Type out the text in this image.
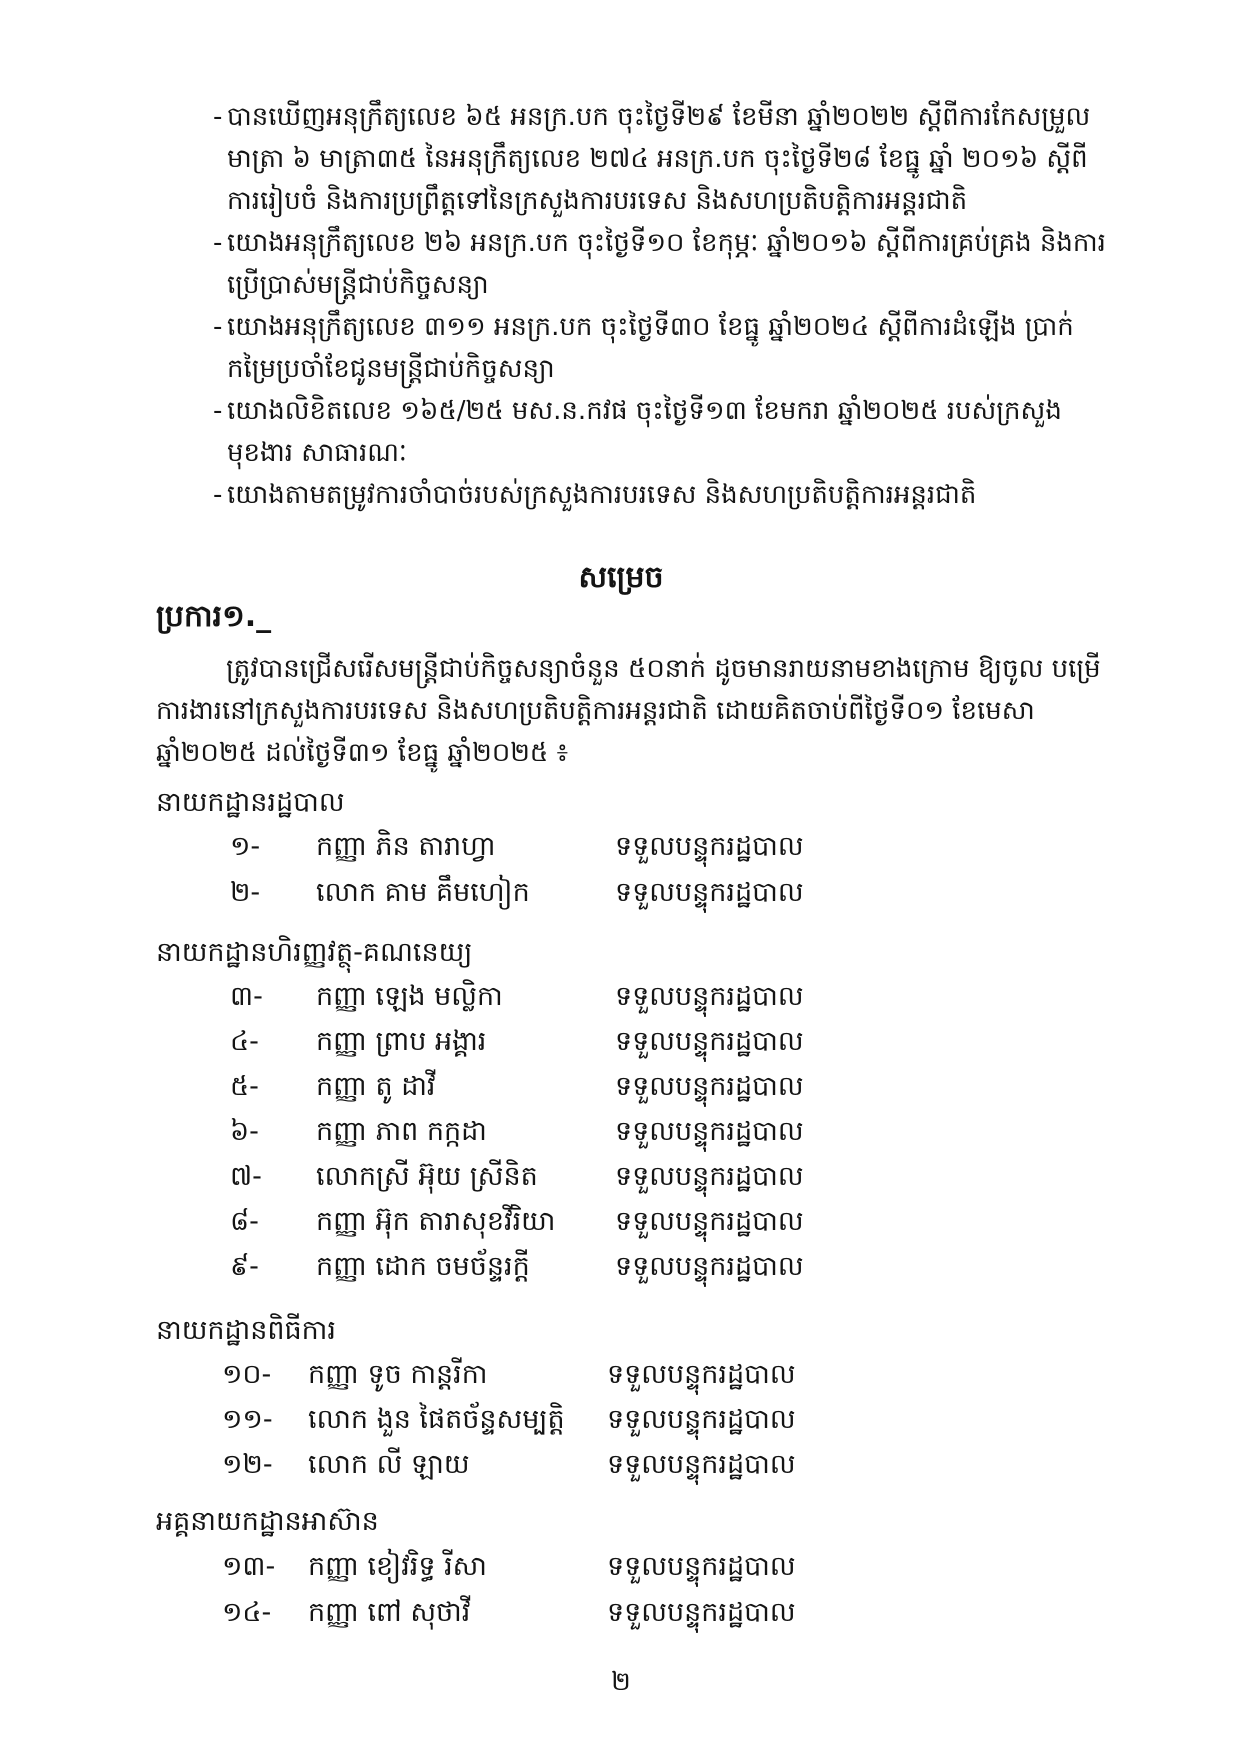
- បានឃើញអនុក្រឹត្យលេខ ៦៥ អនក្រ.បក ចុះថ្ងៃទី២៩ ខែមីនា ឆ្នាំ២០២២ ស្តីពីការកែសម្រួល មាត្រា ៦ មាត្រា៣៥ នៃអនុក្រឹត្យលេខ ២៧៤ អនក្រ.បក ចុះថ្ងៃទី២៨ ខែធ្នូ ឆ្នាំ ២០១៦ ស្តីពី ការរៀបចំ និងការប្រព្រឹត្តទៅនៃក្រសួងការបរទេស និងសហប្រតិបត្តិការអន្តរជាតិ
- យោងអនុក្រឹត្យលេខ ២៦ អនក្រ.បក ចុះថ្ងៃទី១០ ខែកុម្ភៈ ឆ្នាំ២០១៦ ស្តីពីការគ្រប់គ្រង និងការប្រើប្រាស់មន្ត្រីជាប់កិច្ចសន្យា
- យោងអនុក្រឹត្យលេខ ៣១១ អនក្រ.បក ចុះថ្ងៃទី៣០ ខែធ្នូ ឆ្នាំ២០២៤ ស្តីពីការដំឡើង ប្រាក់កម្រៃប្រចាំខែជូនមន្ត្រីជាប់កិច្ចសន្យា
- យោងលិខិតលេខ ១៦៥/២៥ មស.ន.កវផ ចុះថ្ងៃទី១៣ ខែមករា ឆ្នាំ២០២៥ របស់ក្រសួងមុខងារ សាធារណៈ
- យោងតាមតម្រូវការចាំបាច់របស់ក្រសួងការបរទេស និងសហប្រតិបត្តិការអន្តរជាតិ
សម្រេច
ប្រការ១._
ត្រូវបានជ្រើសរើសមន្ត្រីជាប់កិច្ចសន្យាចំនួន ៥០នាក់ ដូចមានរាយនាមខាងក្រោម ឱ្យចូល បម្រើការងារនៅក្រសួងការបរទេស និងសហប្រតិបត្តិការអន្តរជាតិ ដោយគិតចាប់ពីថ្ងៃទី០១ ខែមេសា ឆ្នាំ២០២៥ ដល់ថ្ងៃទី៣១ ខែធ្នូ ឆ្នាំ២០២៥ ៖
នាយកដ្ឋានរដ្ឋបាល
១-	កញ្ញា ភិន តារាហ្វា	ទទួលបន្ទុករដ្ឋបាល
២-	លោក គាម គឹមហៀក	ទទួលបន្ទុករដ្ឋបាល
នាយកដ្ឋានហិរញ្ញវត្ថុ-គណនេយ្យ
៣-	កញ្ញា ឡេង មល្លិកា	ទទួលបន្ទុករដ្ឋបាល
៤-	កញ្ញា ព្រាប អង្គារ	ទទួលបន្ទុករដ្ឋបាល
៥-	កញ្ញា តូ ដាវី	ទទួលបន្ទុករដ្ឋបាល
៦-	កញ្ញា ភាព កក្កដា	ទទួលបន្ទុករដ្ឋបាល
៧-	លោកស្រី អ៊ុយ ស្រីនិត	ទទួលបន្ទុករដ្ឋបាល
៨-	កញ្ញា អ៊ុក តារាសុខវីរិយា	ទទួលបន្ទុករដ្ឋបាល
៩-	កញ្ញា ដោក ចមច័ន្ទរក្តី	ទទួលបន្ទុករដ្ឋបាល
នាយកដ្ឋានពិធីការ
១០-	កញ្ញា ទូច កាន្តរីកា	ទទួលបន្ទុករដ្ឋបាល
១១-	លោក ងួន ផៃតច័ន្ទសម្បត្តិ	ទទួលបន្ទុករដ្ឋបាល
១២-	លោក លី ឡាយ	ទទួលបន្ទុករដ្ឋបាល
អគ្គនាយកដ្ឋានអាស៊ាន
១៣-	កញ្ញា ខៀវរិទ្ធ រីសា	ទទួលបន្ទុករដ្ឋបាល
១៤-	កញ្ញា ពៅ សុថាវី	ទទួលបន្ទុករដ្ឋបាល
២
